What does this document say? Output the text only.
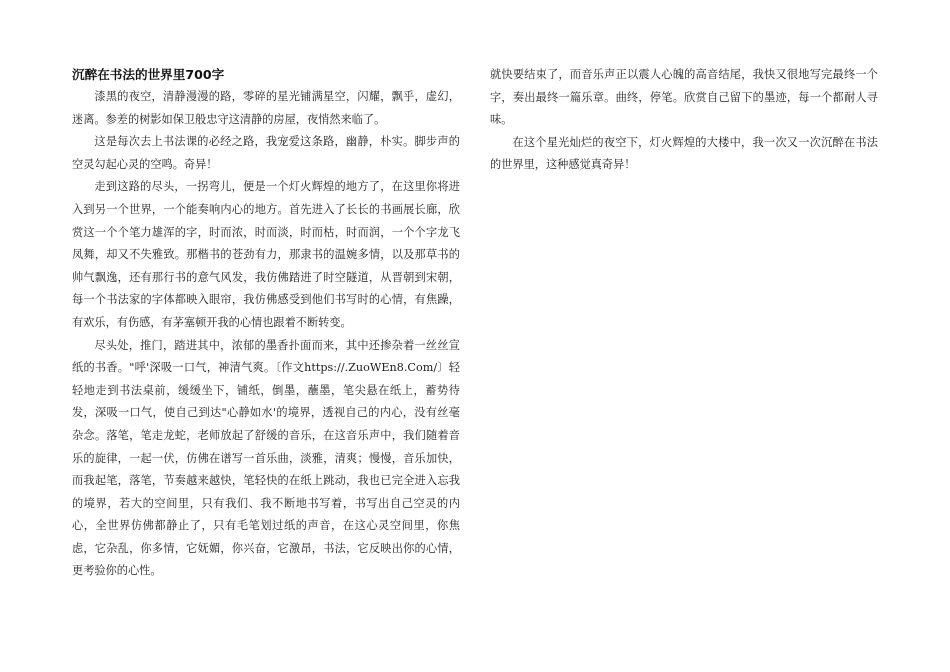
沉醉在书法的世界里700字

漆黑的夜空，清静漫漫的路，零碎的星光铺满星空，闪耀，飘乎，虚幻，迷离。参差的树影如保卫般忠守这清静的房屋，夜悄然来临了。

这是每次去上书法课的必经之路，我宠爱这条路，幽静，朴实。脚步声的空灵勾起心灵的空鸣。奇异！

走到这路的尽头，一拐弯儿，便是一个灯火辉煌的地方了，在这里你将进入到另一个世界，一个能奏响内心的地方。首先进入了长长的书画展长廊，欣赏这一个个笔力雄浑的字，时而浓，时而淡，时而枯，时而润，一个个字龙飞凤舞，却又不失雅致。那楷书的苍劲有力，那隶书的温婉多情，以及那草书的帅气飘逸，还有那行书的意气风发，我仿佛踏进了时空隧道，从晋朝到宋朝，每一个书法家的字体都映入眼帘，我仿佛感受到他们书写时的心情，有焦躁，有欢乐，有伤感，有茅塞顿开我的心情也跟着不断转变。

尽头处，推门，踏进其中，浓郁的墨香扑面而来，其中还掺杂着一丝丝宣纸的书香。"呼'深吸一口气，神清气爽。〔作文https://.ZuoWEn8.Com/〕轻轻地走到书法桌前，缓缓坐下，铺纸，倒墨，蘸墨，笔尖悬在纸上，蓄势待发，深吸一口气，使自己到达"心静如水'的境界，透视自己的内心，没有丝毫杂念。落笔，笔走龙蛇，老师放起了舒缓的音乐，在这音乐声中，我们随着音乐的旋律，一起一伏，仿佛在谱写一首乐曲，淡雅，清爽；慢慢，音乐加快，而我起笔，落笔，节奏越来越快，笔轻快的在纸上跳动，我也已完全进入忘我的境界，若大的空间里，只有我们、我不断地书写着，书写出自己空灵的内心，全世界仿佛都静止了，只有毛笔划过纸的声音，在这心灵空间里，你焦虑，它杂乱，你多情，它妩媚，你兴奋，它激昂，书法，它反映出你的心情，更考验你的心性。

就快要结束了，而音乐声正以震人心魄的高音结尾，我快又很地写完最终一个字，奏出最终一篇乐章。曲终，停笔。欣赏自己留下的墨迹，每一个都耐人寻味。

在这个星光灿烂的夜空下，灯火辉煌的大楼中，我一次又一次沉醉在书法的世界里，这种感觉真奇异！
